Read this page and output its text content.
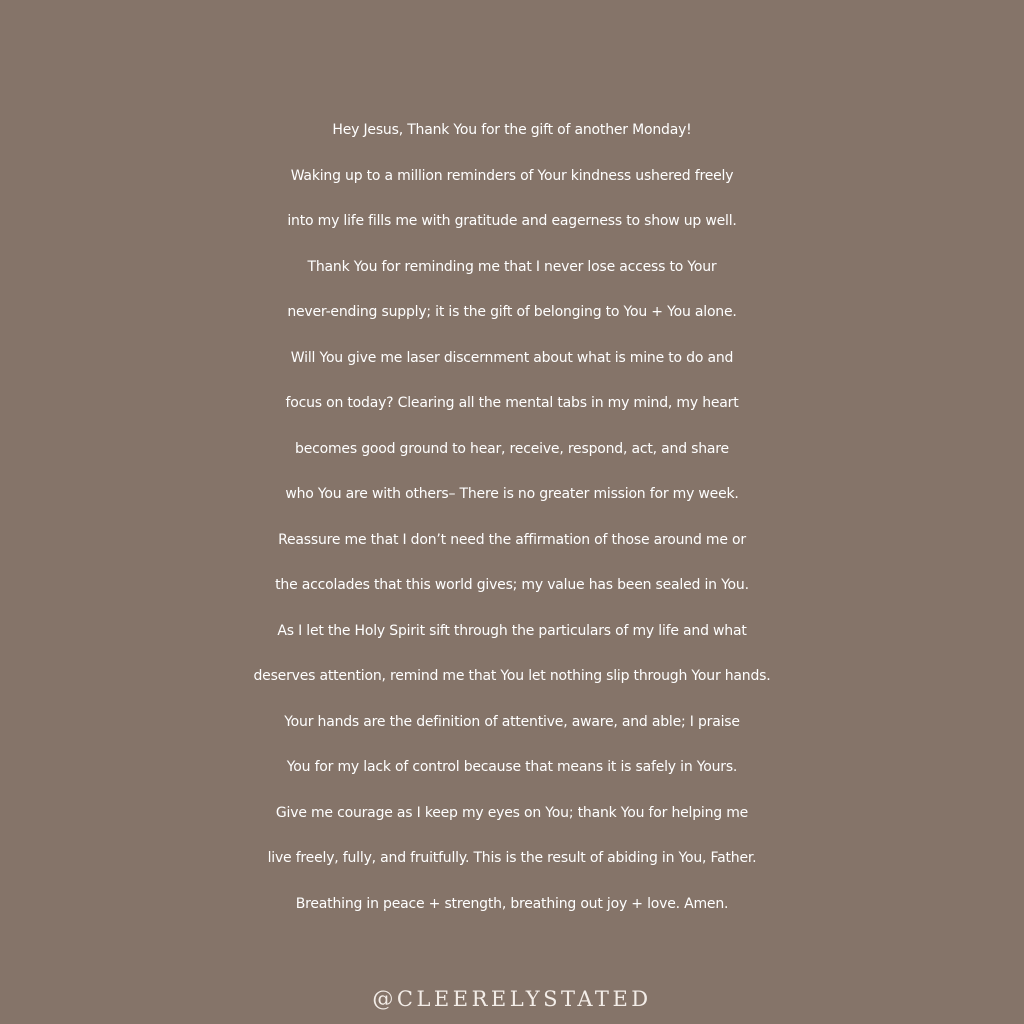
Hey Jesus, Thank You for the gift of another Monday!
Waking up to a million reminders of Your kindness ushered freely
into my life fills me with gratitude and eagerness to show up well.
Thank You for reminding me that I never lose access to Your
never-ending supply; it is the gift of belonging to You + You alone.
Will You give me laser discernment about what is mine to do and
focus on today? Clearing all the mental tabs in my mind, my heart
becomes good ground to hear, receive, respond, act, and share
who You are with others– There is no greater mission for my week.
Reassure me that I don’t need the affirmation of those around me or
the accolades that this world gives; my value has been sealed in You.
As I let the Holy Spirit sift through the particulars of my life and what
deserves attention, remind me that You let nothing slip through Your hands.
Your hands are the definition of attentive, aware, and able; I praise
You for my lack of control because that means it is safely in Yours.
Give me courage as I keep my eyes on You; thank You for helping me
live freely, fully, and fruitfully. This is the result of abiding in You, Father.
Breathing in peace + strength, breathing out joy + love. Amen.
@CLEERELYSTATED
